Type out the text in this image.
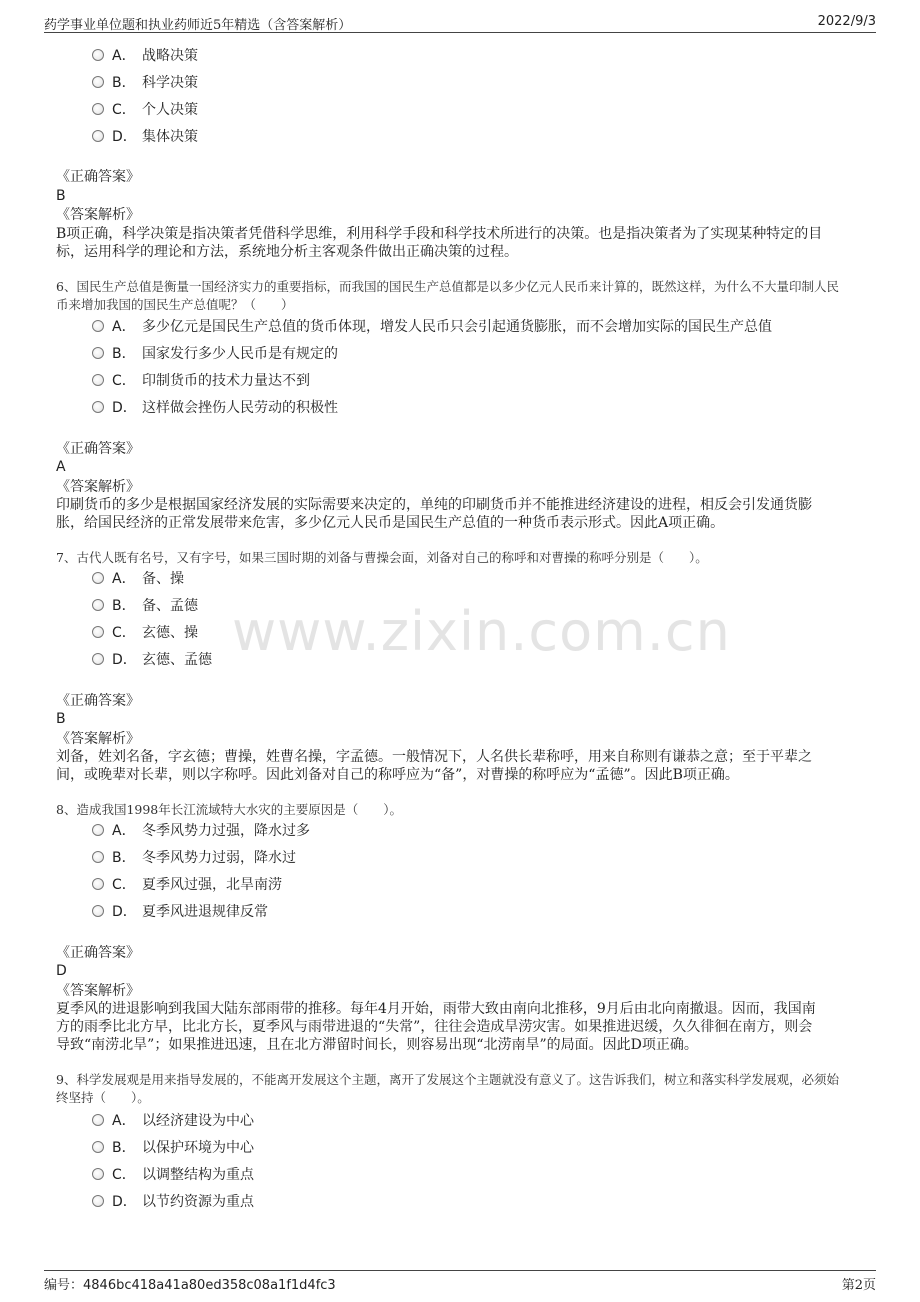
药学事业单位题和执业药师近5年精选（含答案解析）	2022/9/3
www.zixin.com.cn
A． 战略决策
B． 科学决策
C． 个人决策
D． 集体决策
《正确答案》
B
《答案解析》
B项正确，科学决策是指决策者凭借科学思维，利用科学手段和科学技术所进行的决策。也是指决策者为了实现某种特定的目
标，运用科学的理论和方法，系统地分析主客观条件做出正确决策的过程。
6、国民生产总值是衡量一国经济实力的重要指标，而我国的国民生产总值都是以多少亿元人民币来计算的，既然这样，为什么不大量印制人民
币来增加我国的国民生产总值呢？（　　）
A． 多少亿元是国民生产总值的货币体现，增发人民币只会引起通货膨胀，而不会增加实际的国民生产总值
B． 国家发行多少人民币是有规定的
C． 印制货币的技术力量达不到
D． 这样做会挫伤人民劳动的积极性
《正确答案》
A
《答案解析》
印刷货币的多少是根据国家经济发展的实际需要来决定的，单纯的印刷货币并不能推进经济建设的进程，相反会引发通货膨
胀，给国民经济的正常发展带来危害，多少亿元人民币是国民生产总值的一种货币表示形式。因此A项正确。
7、古代人既有名号，又有字号，如果三国时期的刘备与曹操会面，刘备对自己的称呼和对曹操的称呼分别是（　　）。
A． 备、操
B． 备、孟德
C． 玄德、操
D． 玄德、孟德
《正确答案》
B
《答案解析》
刘备，姓刘名备，字玄德；曹操，姓曹名操，字孟德。一般情况下，人名供长辈称呼，用来自称则有谦恭之意；至于平辈之
间，或晚辈对长辈，则以字称呼。因此刘备对自己的称呼应为“备”，对曹操的称呼应为“孟德”。因此B项正确。
8、造成我国1998年长江流域特大水灾的主要原因是（　　）。
A． 冬季风势力过强，降水过多
B． 冬季风势力过弱，降水过
C． 夏季风过强，北旱南涝
D． 夏季风进退规律反常
《正确答案》
D
《答案解析》
夏季风的进退影响到我国大陆东部雨带的推移。每年4月开始，雨带大致由南向北推移，9月后由北向南撤退。因而，我国南
方的雨季比北方早，比北方长，夏季风与雨带进退的“失常”，往往会造成旱涝灾害。如果推进迟缓，久久徘徊在南方，则会
导致“南涝北旱”；如果推进迅速，且在北方滞留时间长，则容易出现“北涝南旱”的局面。因此D项正确。
9、科学发展观是用来指导发展的，不能离开发展这个主题，离开了发展这个主题就没有意义了。这告诉我们，树立和落实科学发展观，必须始
终坚持（　　）。
A． 以经济建设为中心
B． 以保护环境为中心
C． 以调整结构为重点
D． 以节约资源为重点
编号：4846bc418a41a80ed358c08a1f1d4fc3	第2页
